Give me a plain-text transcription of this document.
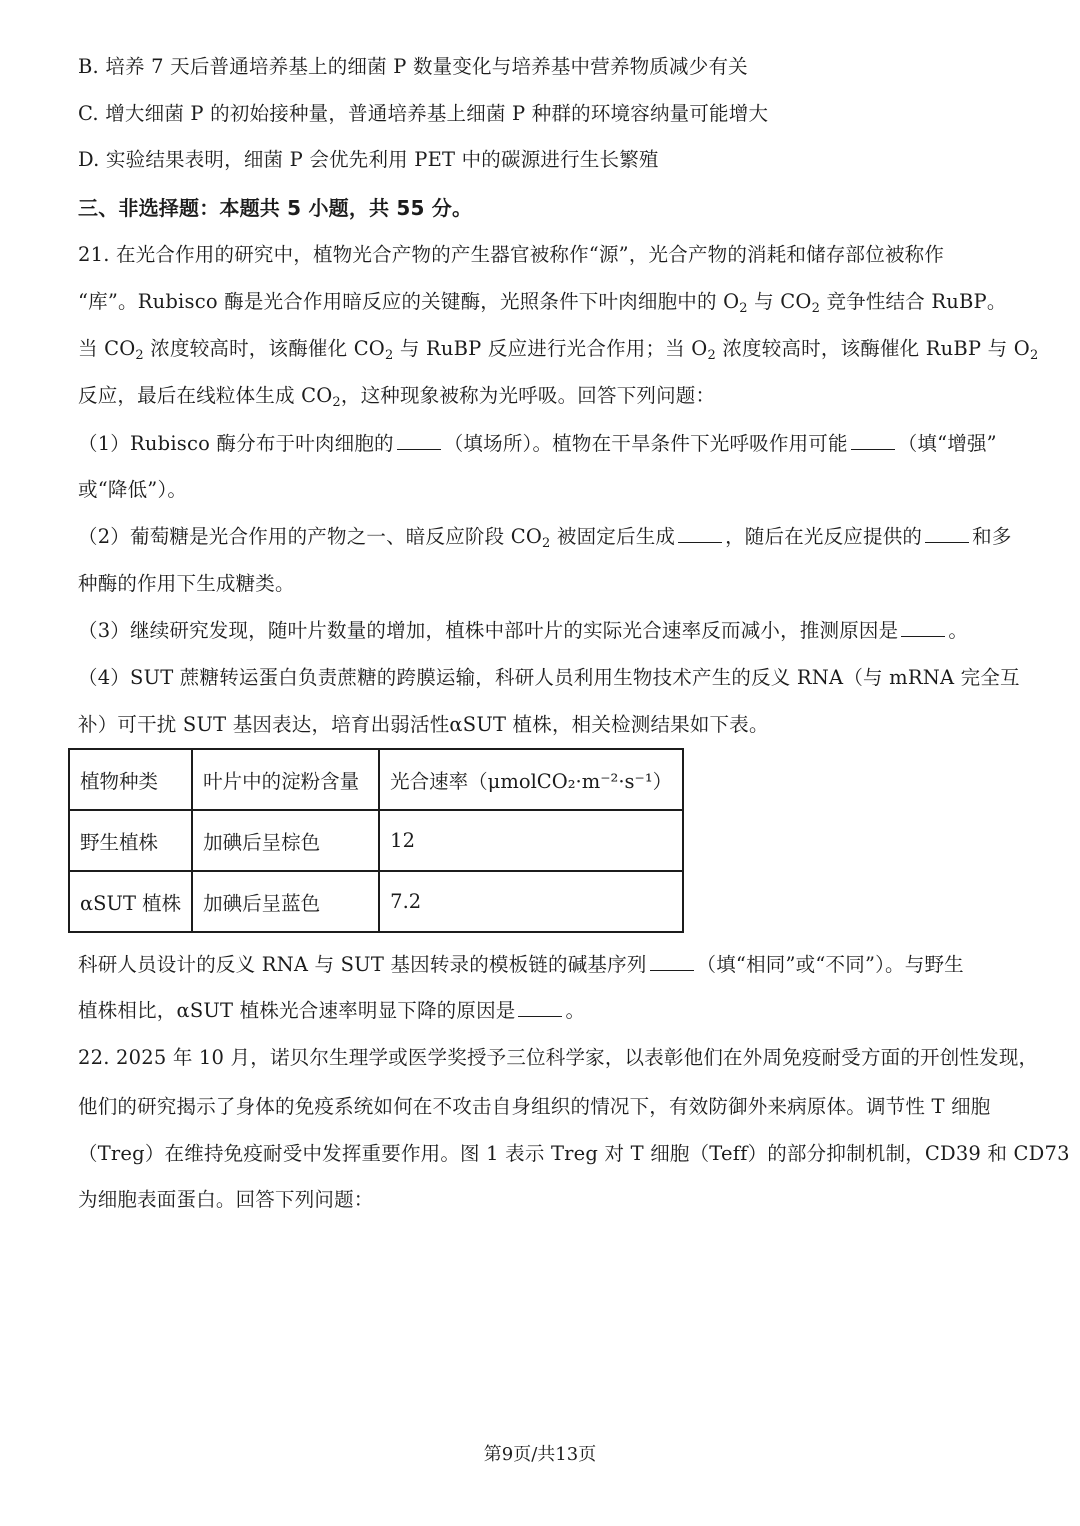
B. 培养 7 天后普通培养基上的细菌 P 数量变化与培养基中营养物质减少有关
C. 增大细菌 P 的初始接种量，普通培养基上细菌 P 种群的环境容纳量可能增大
D. 实验结果表明，细菌 P 会优先利用 PET 中的碳源进行生长繁殖
三、非选择题：本题共 5 小题，共 55 分。
21. 在光合作用的研究中，植物光合产物的产生器官被称作“源”，光合产物的消耗和储存部位被称作
“库”。Rubisco 酶是光合作用暗反应的关键酶，光照条件下叶肉细胞中的 $O_2$ 与 $CO_2$ 竞争性结合 RuBP。
当 $CO_2$ 浓度较高时，该酶催化 $CO_2$ 与 RuBP 反应进行光合作用；当 $O_2$ 浓度较高时，该酶催化 RuBP 与 $O_2$
反应，最后在线粒体生成 $CO_2$，这种现象被称为光呼吸。回答下列问题：
（1）Rubisco 酶分布于叶肉细胞的	（填场所）。植物在干旱条件下光呼吸作用可能	（填“增强”
或“降低”）。
（2）葡萄糖是光合作用的产物之一、暗反应阶段 $CO_2$ 被固定后生成	，随后在光反应提供的	和多
种酶的作用下生成糖类。
（3）继续研究发现，随叶片数量的增加，植株中部叶片的实际光合速率反而减小，推测原因是	。
（4）SUT 蔗糖转运蛋白负责蔗糖的跨膜运输，科研人员利用生物技术产生的反义 RNA（与 mRNA 完全互
补）可干扰 SUT 基因表达，培育出弱活性αSUT 植株，相关检测结果如下表。
植物种类	叶片中的淀粉含量	光合速率（μmolCO₂·m⁻²·s⁻¹）
野生植株	加碘后呈棕色	12
αSUT 植株	加碘后呈蓝色	7.2
科研人员设计的反义 RNA 与 SUT 基因转录的模板链的碱基序列	（填“相同”或“不同”）。与野生
植株相比，αSUT 植株光合速率明显下降的原因是	。
22. 2025 年 10 月，诺贝尔生理学或医学奖授予三位科学家，以表彰他们在外周免疫耐受方面的开创性发现，
他们的研究揭示了身体的免疫系统如何在不攻击自身组织的情况下，有效防御外来病原体。调节性 T 细胞
（Treg）在维持免疫耐受中发挥重要作用。图 1 表示 Treg 对 T 细胞（Teff）的部分抑制机制，CD39 和 CD73
为细胞表面蛋白。回答下列问题：
第9页/共13页
